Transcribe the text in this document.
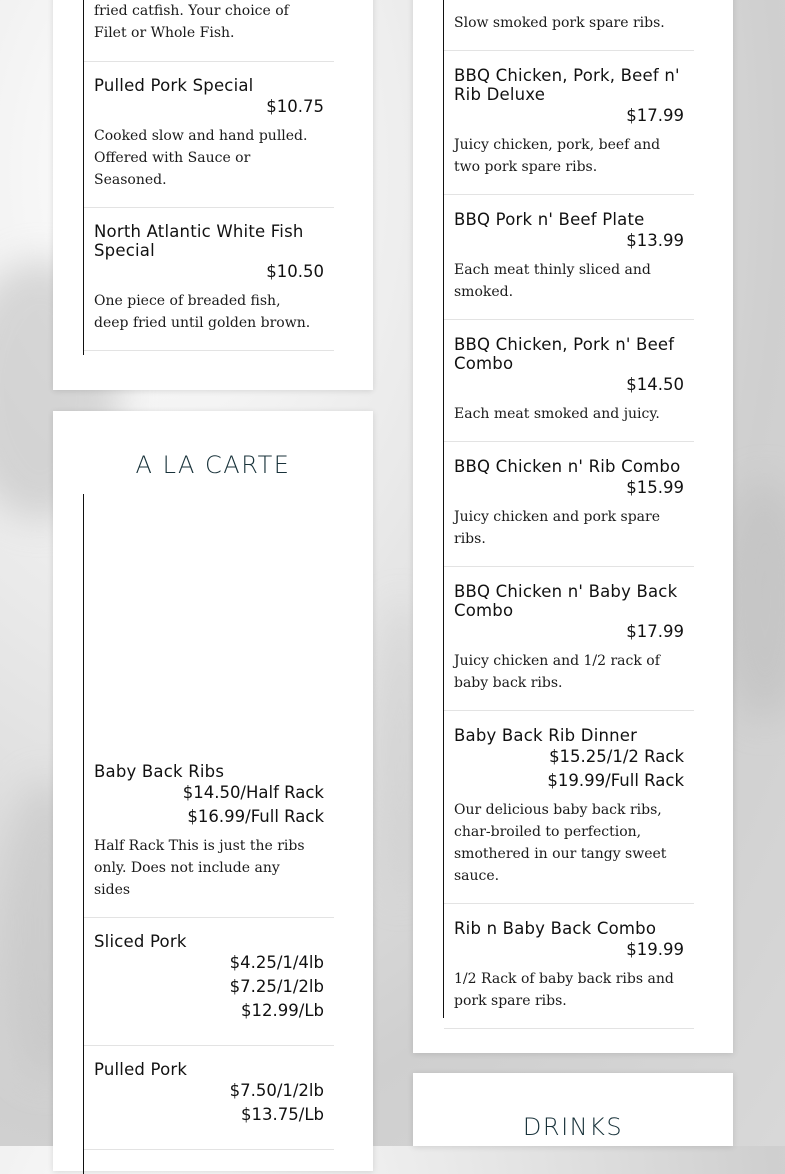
fried catfish. Your choice of Filet or Whole Fish.
Pulled Pork Special
$10.75
Cooked slow and hand pulled. Offered with Sauce or Seasoned.
North Atlantic White Fish Special
$10.50
One piece of breaded fish, deep fried until golden brown.
A LA CARTE
Baby Back Ribs
$14.50/Half Rack
$16.99/Full Rack
Half Rack This is just the ribs only. Does not include any sides
Sliced Pork
$4.25/1/4lb
$7.25/1/2lb
$12.99/Lb
Pulled Pork
$7.50/1/2lb
$13.75/Lb
Slow smoked pork spare ribs.
BBQ Chicken, Pork, Beef n' Rib Deluxe
$17.99
Juicy chicken, pork, beef and two pork spare ribs.
BBQ Pork n' Beef Plate
$13.99
Each meat thinly sliced and smoked.
BBQ Chicken, Pork n' Beef Combo
$14.50
Each meat smoked and juicy.
BBQ Chicken n' Rib Combo
$15.99
Juicy chicken and pork spare ribs.
BBQ Chicken n' Baby Back Combo
$17.99
Juicy chicken and 1/2 rack of baby back ribs.
Baby Back Rib Dinner
$15.25/1/2 Rack
$19.99/Full Rack
Our delicious baby back ribs, char-broiled to perfection, smothered in our tangy sweet sauce.
Rib n Baby Back Combo
$19.99
1/2 Rack of baby back ribs and pork spare ribs.
DRINKS
